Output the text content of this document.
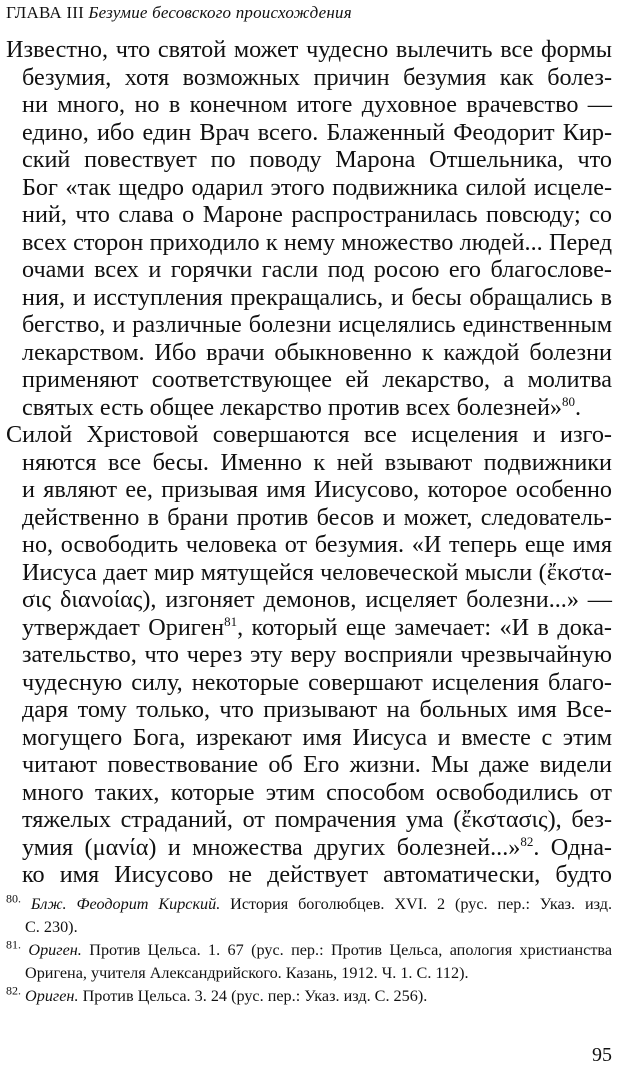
ГЛАВА III Безумие бесовского происхождения
Известно, что святой может чудесно вылечить все формы
безумия, хотя возможных причин безумия как болез-
ни много, но в конечном итоге духовное врачевство —
едино, ибо един Врач всего. Блаженный Феодорит Кир-
ский повествует по поводу Марона Отшельника, что
Бог «так щедро одарил этого подвижника силой исцеле-
ний, что слава о Мароне распространилась повсюду; со
всех сторон приходило к нему множество людей... Перед
очами всех и горячки гасли под росою его благослове-
ния, и исступления прекращались, и бесы обращались в
бегство, и различные болезни исцелялись единственным
лекарством. Ибо врачи обыкновенно к каждой болезни
применяют соответствующее ей лекарство, а молитва
святых есть общее лекарство против всех болезней»$^{80}$.
Силой Христовой совершаются все исцеления и изго-
няются все бесы. Именно к ней взывают подвижники
и являют ее, призывая имя Иисусово, которое особенно
действенно в брани против бесов и может, следователь-
но, освободить человека от безумия. «И теперь еще имя
Иисуса дает мир мятущейся человеческой мысли (ἔκστα-
σις διανοίας), изгоняет демонов, исцеляет болезни...» —
утверждает Ориген$^{81}$, который еще замечает: «И в дока-
зательство, что через эту веру восприяли чрезвычайную
чудесную силу, некоторые совершают исцеления благо-
даря тому только, что призывают на больных имя Все-
могущего Бога, изрекают имя Иисуса и вместе с этим
читают повествование об Его жизни. Мы даже видели
много таких, которые этим способом освободились от
тяжелых страданий, от помрачения ума (ἔκστασις), без-
умия (μανία) и множества других болезней...»$^{82}$. Одна-
ко имя Иисусово не действует автоматически, будто
$^{80.}$ Блж. Феодорит Кирский. История боголюбцев. XVI. 2 (рус. пер.: Указ. изд.
С. 230).
$^{81.}$ Ориген. Против Цельса. 1. 67 (рус. пер.: Против Цельса, апология христианства
Оригена, учителя Александрийского. Казань, 1912. Ч. 1. С. 112).
$^{82.}$ Ориген. Против Цельса. 3. 24 (рус. пер.: Указ. изд. С. 256).
95
